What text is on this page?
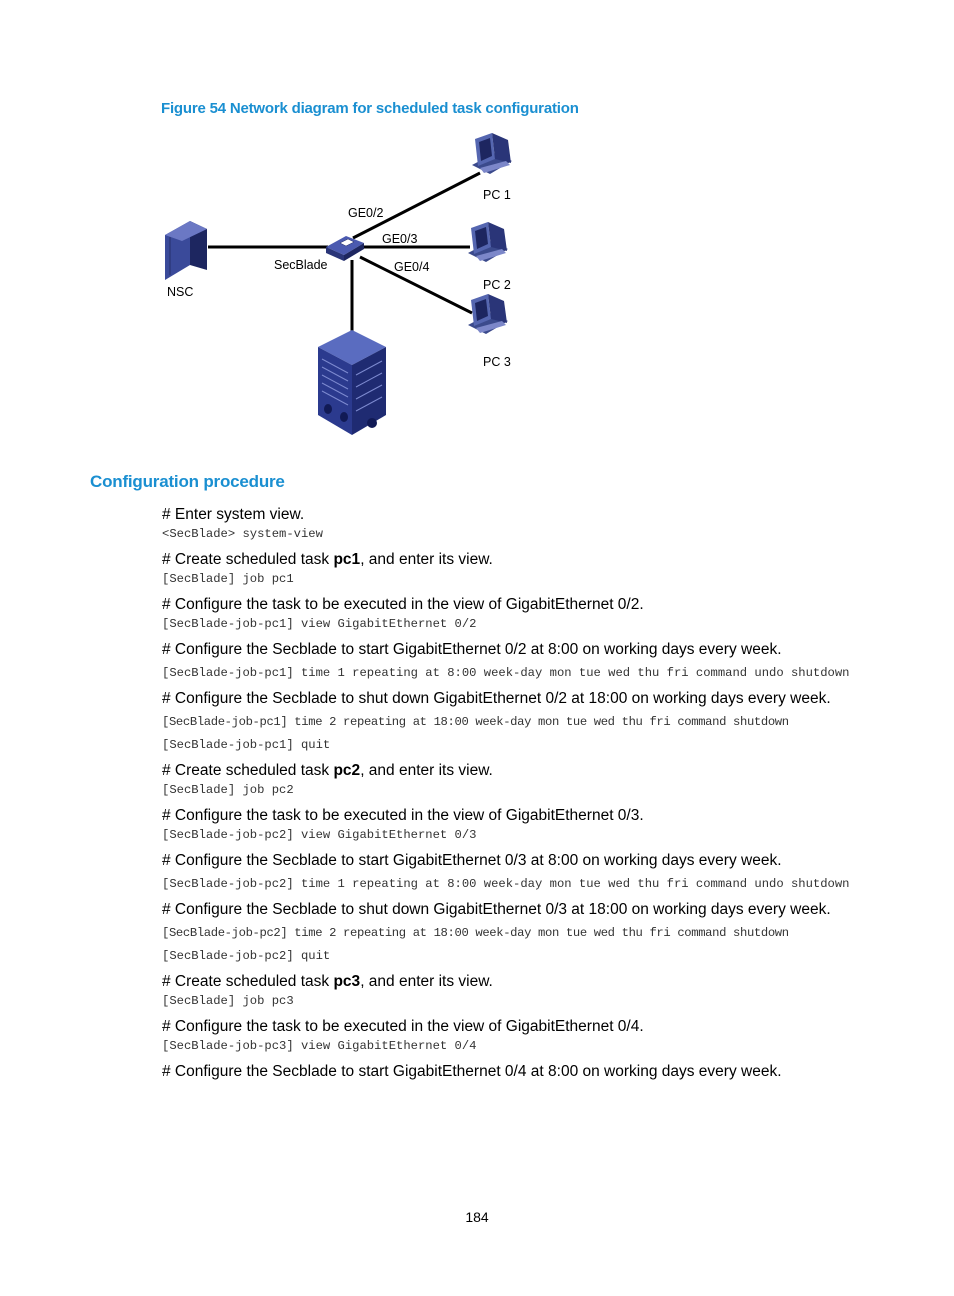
Figure 54 Network diagram for scheduled task configuration
PC 1
PC 2
PC 3
NSC
SecBlade
GE0/2
GE0/3
GE0/4
Configuration procedure

# Enter system view.

<SecBlade> system-view

# Create scheduled task pc1, and enter its view.

[SecBlade] job pc1

# Configure the task to be executed in the view of GigabitEthernet 0/2.

[SecBlade-job-pc1] view GigabitEthernet 0/2

# Configure the Secblade to start GigabitEthernet 0/2 at 8:00 on working days every week.

[SecBlade-job-pc1] time 1 repeating at 8:00 week-day mon tue wed thu fri command undo shutdown

# Configure the Secblade to shut down GigabitEthernet 0/2 at 18:00 on working days every week.

[SecBlade-job-pc1] time 2 repeating at 18:00 week-day mon tue wed thu fri command shutdown

[SecBlade-job-pc1] quit

# Create scheduled task pc2, and enter its view.

[SecBlade] job pc2

# Configure the task to be executed in the view of GigabitEthernet 0/3.

[SecBlade-job-pc2] view GigabitEthernet 0/3

# Configure the Secblade to start GigabitEthernet 0/3 at 8:00 on working days every week.

[SecBlade-job-pc2] time 1 repeating at 8:00 week-day mon tue wed thu fri command undo shutdown

# Configure the Secblade to shut down GigabitEthernet 0/3 at 18:00 on working days every week.

[SecBlade-job-pc2] time 2 repeating at 18:00 week-day mon tue wed thu fri command shutdown

[SecBlade-job-pc2] quit

# Create scheduled task pc3, and enter its view.

[SecBlade] job pc3

# Configure the task to be executed in the view of GigabitEthernet 0/4.

[SecBlade-job-pc3] view GigabitEthernet 0/4

# Configure the Secblade to start GigabitEthernet 0/4 at 8:00 on working days every week.

184
